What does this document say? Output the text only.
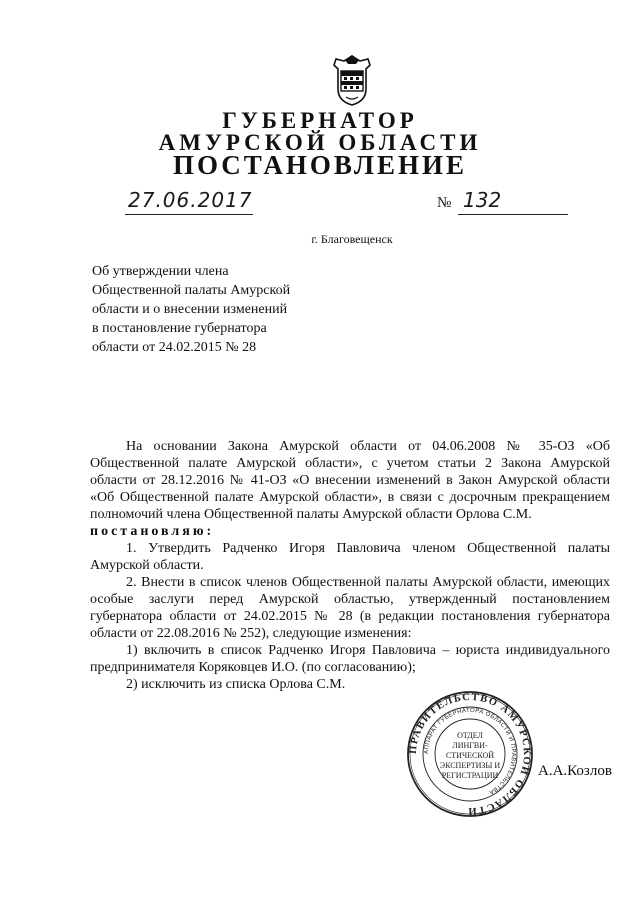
ГУБЕРНАТОР
АМУРСКОЙ ОБЛАСТИ
ПОСТАНОВЛЕНИЕ
27.06.2017	№ 132
г. Благовещенск
Об утверждении члена Общественной палаты Амурской области и о внесении изменений в постановление губернатора области от 24.02.2015 № 28

На основании Закона Амурской области от 04.06.2008 № 35-ОЗ «Об Общественной палате Амурской области», с учетом статьи 2 Закона Амурской области от 28.12.2016 № 41-ОЗ «О внесении изменений в Закон Амурской области «Об Общественной палате Амурской области», в связи с досрочным прекращением полномочий члена Общественной палаты Амурской области Орлова С.М.

постановляю:

1. Утвердить Радченко Игоря Павловича членом Общественной палаты Амурской области.

2. Внести в список членов Общественной палаты Амурской области, имеющих особые заслуги перед Амурской областью, утвержденный постановлением губернатора области от 24.02.2015 № 28 (в редакции постановления губернатора области от 22.08.2016 № 252), следующие изменения:

1) включить в список Радченко Игоря Павловича – юриста индивидуального предпринимателя Коряковцев И.О. (по согласованию);

2) исключить из списка Орлова С.М.

ПРАВИТЕЛЬСТВО АМУРСКОЙ ОБЛАСТИ
АППАРАТ ГУБЕРНАТОРА ОБЛАСТИ И ПРАВИТЕЛЬСТВА
ОТДЕЛ
ЛИНГВИ-
СТИЧЕСКОЙ
ЭКСПЕРТИЗЫ И
РЕГИСТРАЦИИ	А.А.Козлов
